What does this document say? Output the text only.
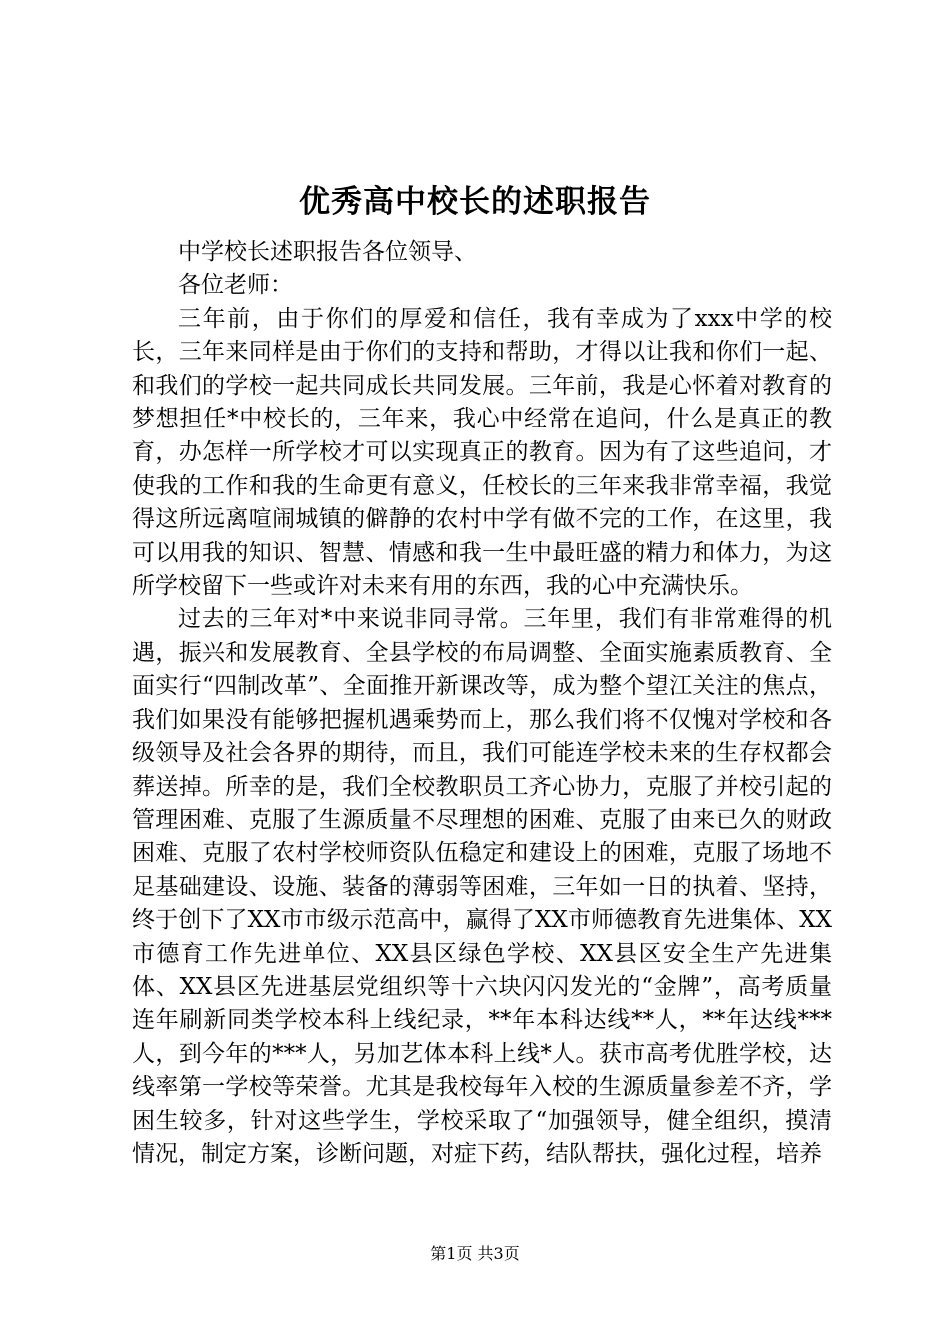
优秀高中校长的述职报告

中学校长述职报告各位领导、

各位老师：

三年前，由于你们的厚爱和信任，我有幸成为了xxx中学的校长，三年来同样是由于你们的支持和帮助，才得以让我和你们一起、和我们的学校一起共同成长共同发展。三年前，我是心怀着对教育的梦想担任*中校长的，三年来，我心中经常在追问，什么是真正的教育，办怎样一所学校才可以实现真正的教育。因为有了这些追问，才使我的工作和我的生命更有意义，任校长的三年来我非常幸福，我觉得这所远离喧闹城镇的僻静的农村中学有做不完的工作，在这里，我可以用我的知识、智慧、情感和我一生中最旺盛的精力和体力，为这所学校留下一些或许对未来有用的东西，我的心中充满快乐。

过去的三年对*中来说非同寻常。三年里，我们有非常难得的机遇，振兴和发展教育、全县学校的布局调整、全面实施素质教育、全面实行“四制改革”、全面推开新课改等，成为整个望江关注的焦点，我们如果没有能够把握机遇乘势而上，那么我们将不仅愧对学校和各级领导及社会各界的期待，而且，我们可能连学校未来的生存权都会葬送掉。所幸的是，我们全校教职员工齐心协力，克服了并校引起的管理困难、克服了生源质量不尽理想的困难、克服了由来已久的财政困难、克服了农村学校师资队伍稳定和建设上的困难，克服了场地不足基础建设、设施、装备的薄弱等困难，三年如一日的执着、坚持，终于创下了XX市市级示范高中，赢得了XX市师德教育先进集体、XX市德育工作先进单位、XX县区绿色学校、XX县区安全生产先进集体、XX县区先进基层党组织等十六块闪闪发光的“金牌”，高考质量连年刷新同类学校本科上线纪录，**年本科达线**人，**年达线***人，到今年的***人，另加艺体本科上线*人。获市高考优胜学校，达线率第一学校等荣誉。尤其是我校每年入校的生源质量参差不齐，学困生较多，针对这些学生，学校采取了“加强领导，健全组织，摸清情况，制定方案，诊断问题，对症下药，结队帮扶，强化过程，培养

第1页 共3页
